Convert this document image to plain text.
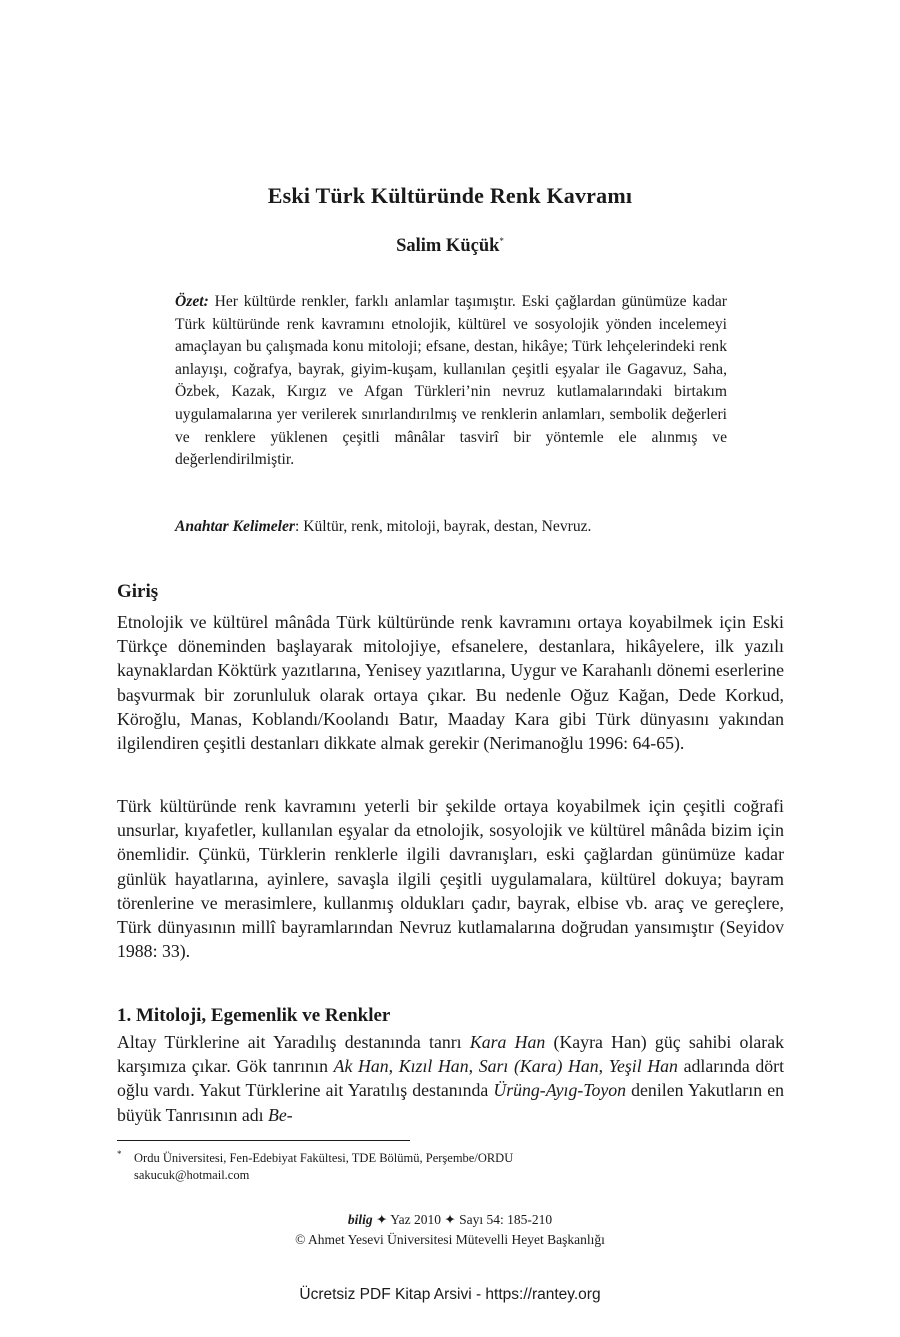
Eski Türk Kültüründe Renk Kavramı
Salim Küçük*
Özet: Her kültürde renkler, farklı anlamlar taşımıştır. Eski çağlardan günümüze kadar Türk kültüründe renk kavramını etnolojik, kültürel ve sosyolojik yönden incelemeyi amaçlayan bu çalışmada konu mitoloji; efsane, destan, hikâye; Türk lehçelerindeki renk anlayışı, coğrafya, bayrak, giyim-kuşam, kullanılan çeşitli eşyalar ile Gagavuz, Saha, Özbek, Kazak, Kırgız ve Afgan Türkleri’nin nevruz kutlamalarındaki birtakım uygulamalarına yer verilerek sınırlandırılmış ve renklerin anlamları, sembolik değerleri ve renklere yüklenen çeşitli mânâlar tasvirî bir yöntemle ele alınmış ve değerlendirilmiştir.
Anahtar Kelimeler: Kültür, renk, mitoloji, bayrak, destan, Nevruz.
Giriş
Etnolojik ve kültürel mânâda Türk kültüründe renk kavramını ortaya koyabilmek için Eski Türkçe döneminden başlayarak mitolojiye, efsanelere, destanlara, hikâyelere, ilk yazılı kaynaklardan Köktürk yazıtlarına, Yenisey yazıtlarına, Uygur ve Karahanlı dönemi eserlerine başvurmak bir zorunluluk olarak ortaya çıkar. Bu nedenle Oğuz Kağan, Dede Korkud, Köroğlu, Manas, Koblandı/Koolandı Batır, Maaday Kara gibi Türk dünyasını yakından ilgilendiren çeşitli destanları dikkate almak gerekir (Nerimanoğlu 1996: 64-65).
Türk kültüründe renk kavramını yeterli bir şekilde ortaya koyabilmek için çeşitli coğrafi unsurlar, kıyafetler, kullanılan eşyalar da etnolojik, sosyolojik ve kültürel mânâda bizim için önemlidir. Çünkü, Türklerin renklerle ilgili davranışları, eski çağlardan günümüze kadar günlük hayatlarına, ayinlere, savaşla ilgili çeşitli uygulamalara, kültürel dokuya; bayram törenlerine ve merasimlere, kullanmış oldukları çadır, bayrak, elbise vb. araç ve gereçlere, Türk dünyasının millî bayramlarından Nevruz kutlamalarına doğrudan yansımıştır (Seyidov 1988: 33).
1. Mitoloji, Egemenlik ve Renkler
Altay Türklerine ait Yaradılış destanında tanrı Kara Han (Kayra Han) güç sahibi olarak karşımıza çıkar. Gök tanrının Ak Han, Kızıl Han, Sarı (Kara) Han, Yeşil Han adlarında dört oğlu vardı. Yakut Türklerine ait Yaratılış destanında Ürüng-Ayıg-Toyon denilen Yakutların en büyük Tanrısının adı Be-
* Ordu Üniversitesi, Fen-Edebiyat Fakültesi, TDE Bölümü, Perşembe/ORDU
sakucuk@hotmail.com
bilig ✦ Yaz 2010 ✦ Sayı 54: 185-210
© Ahmet Yesevi Üniversitesi Mütevelli Heyet Başkanlığı
Ücretsiz PDF Kitap Arsivi - https://rantey.org
